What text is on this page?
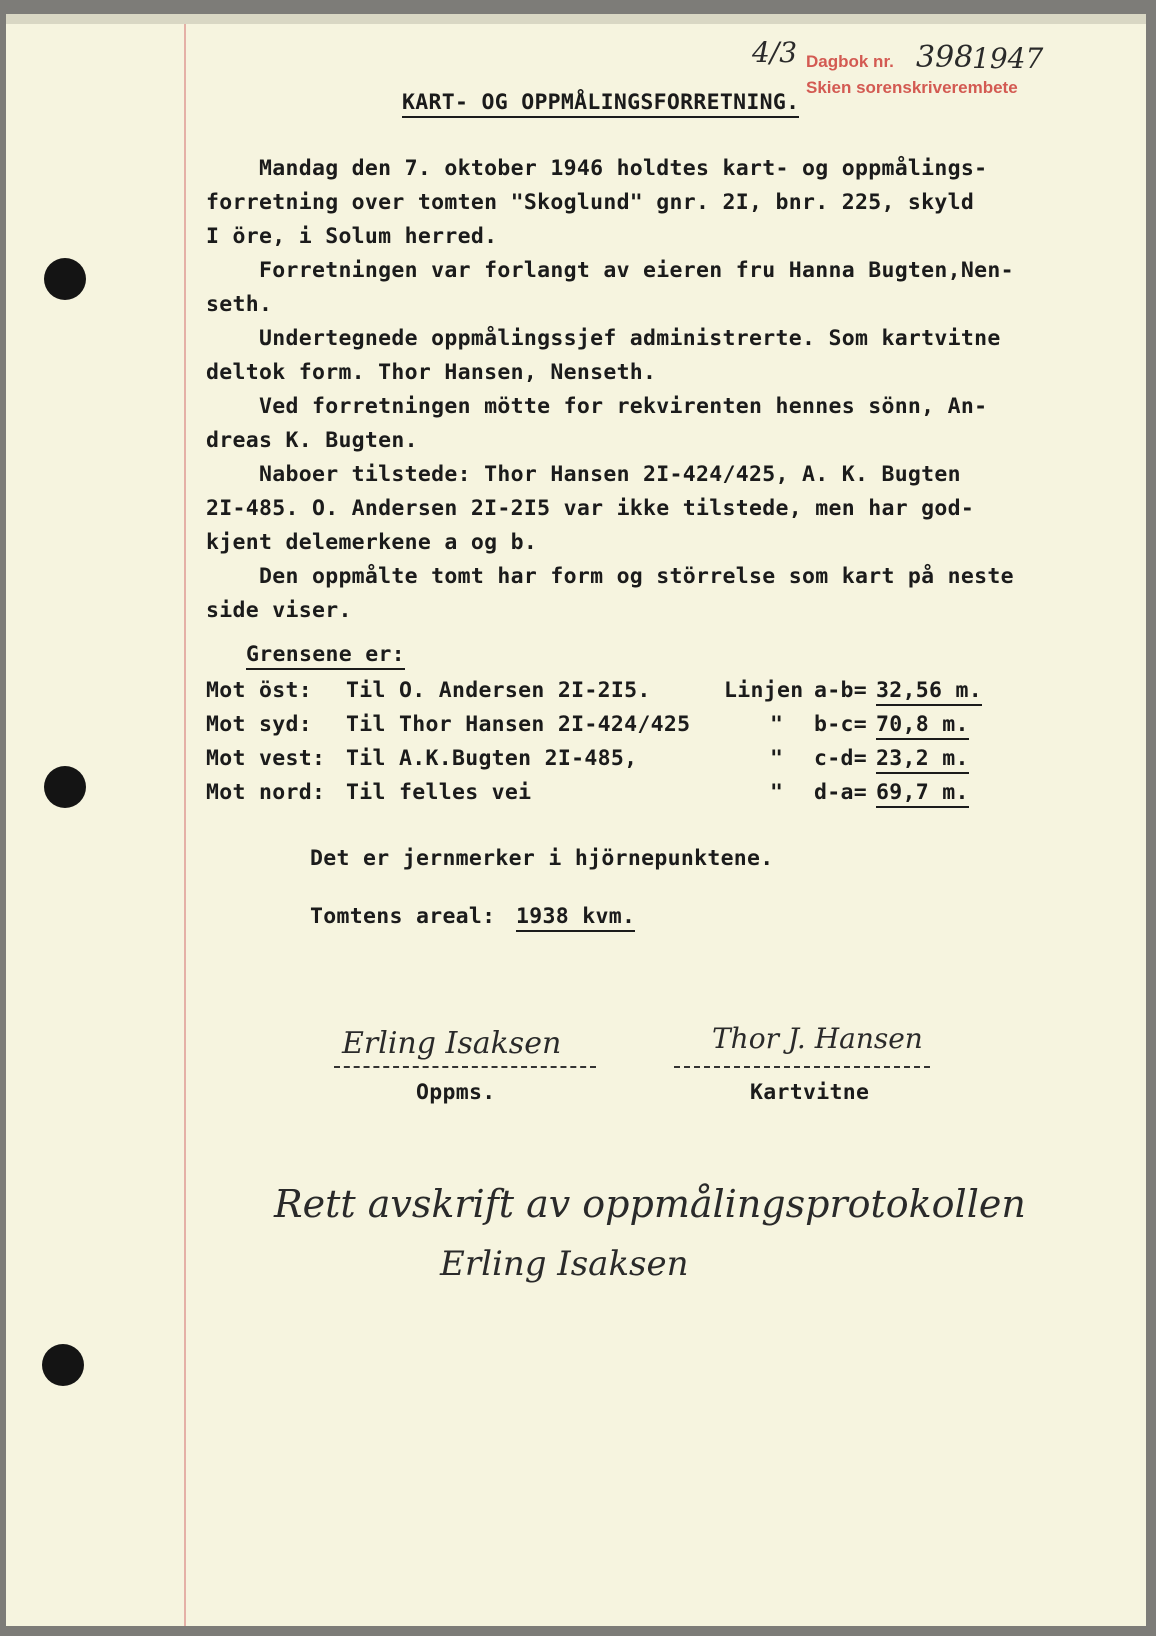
4/3 Dagbok nr. 398
1947
Skien sorenskriverembete
KART- OG OPPMÅLINGSFORRETNING.
Mandag den 7. oktober 1946 holdtes kart- og oppmålings-
forretning over tomten "Skoglund" gnr. 2I, bnr. 225, skyld
I öre, i Solum herred.
Forretningen var forlangt av eieren fru Hanna Bugten,Nen-
seth.
Undertegnede oppmålingssjef administrerte. Som kartvitne
deltok form. Thor Hansen, Nenseth.
Ved forretningen mötte for rekvirenten hennes sönn, An-
dreas K. Bugten.
Naboer tilstede: Thor Hansen 2I-424/425, A. K. Bugten
2I-485. O. Andersen 2I-2I5 var ikke tilstede, men har god-
kjent delemerkene a og b.
Den oppmålte tomt har form og störrelse som kart på neste
side viser.
Grensene er:
Mot öst: Til O. Andersen 2I-2I5.	Linjen a-b= 32,56 m.
Mot syd: Til Thor Hansen 2I-424/425	" b-c= 70,8 m.
Mot vest: Til A.K.Bugten 2I-485,	" c-d= 23,2 m.
Mot nord: Til felles vei	" d-a= 69,7 m.
Det er jernmerker i hjörnepunktene.
Tomtens areal: 1938 kvm.
Erling Isaksen
Oppms.
Thor J. Hansen
Kartvitne
Rett avskrift av oppmålingsprotokollen
Erling Isaksen
